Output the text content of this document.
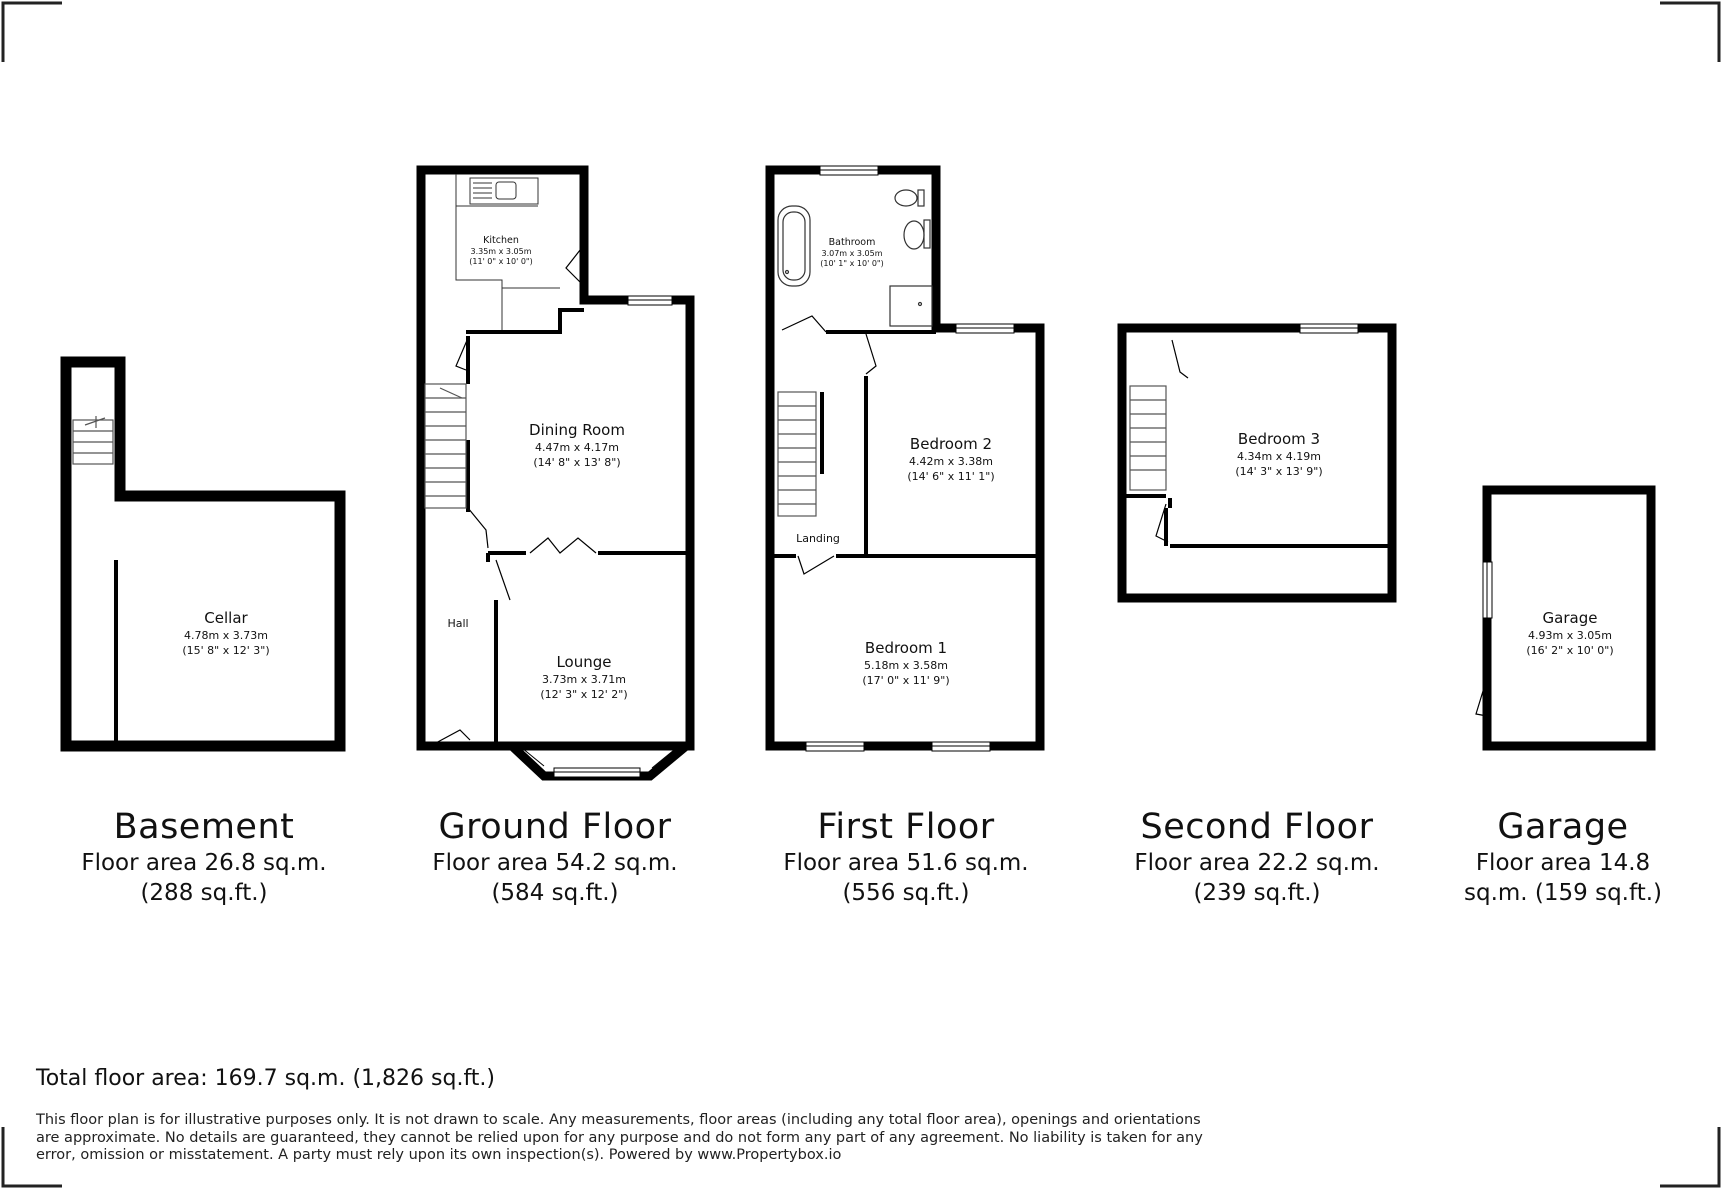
Cellar
4.78m x 3.73m
(15' 8" x 12' 3")
Kitchen
3.35m x 3.05m
(11' 0" x 10' 0")
Dining Room
4.47m x 4.17m
(14' 8" x 13' 8")
Hall
Lounge
3.73m x 3.71m
(12' 3" x 12' 2")
Bathroom
3.07m x 3.05m
(10' 1" x 10' 0")
Bedroom 2
4.42m x 3.38m
(14' 6" x 11' 1")
Landing
Bedroom 1
5.18m x 3.58m
(17' 0" x 11' 9")
Bedroom 3
4.34m x 4.19m
(14' 3" x 13' 9")
Garage
4.93m x 3.05m
(16' 2" x 10' 0")
Basement
Floor area 26.8 sq.m.
(288 sq.ft.)
Ground Floor
Floor area 54.2 sq.m.
(584 sq.ft.)
First Floor
Floor area 51.6 sq.m.
(556 sq.ft.)
Second Floor
Floor area 22.2 sq.m.
(239 sq.ft.)
Garage
Floor area 14.8
sq.m. (159 sq.ft.)
Total floor area: 169.7 sq.m. (1,826 sq.ft.)
This floor plan is for illustrative purposes only. It is not drawn to scale. Any measurements, floor areas (including any total floor area), openings and orientations are approximate. No details are guaranteed, they cannot be relied upon for any purpose and do not form any part of any agreement. No liability is taken for any error, omission or misstatement. A party must rely upon its own inspection(s). Powered by www.Propertybox.io
